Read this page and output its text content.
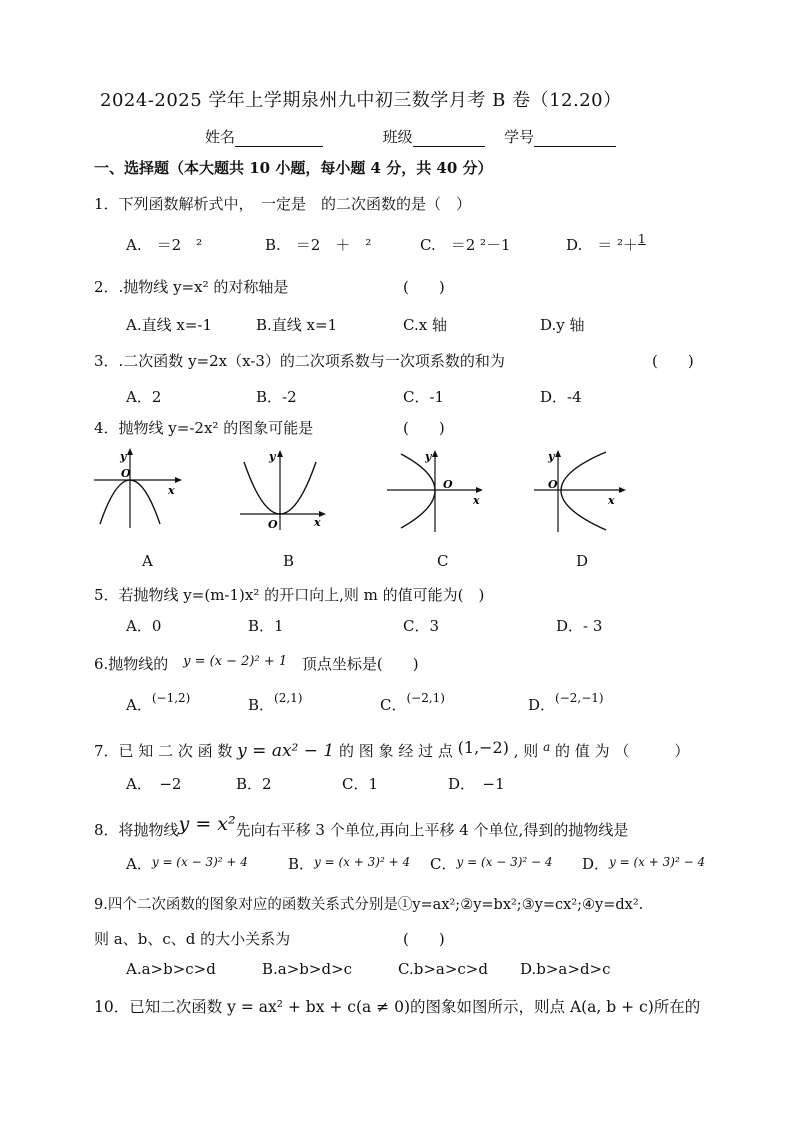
2024-2025 学年上学期泉州九中初三数学月考 B 卷（12.20）
姓名	班级	学号
一、选择题（本大题共 10 小题，每小题 4 分，共 40 分）
1．下列函数解析式中，　一定是　的二次函数的是（　）
A.　＝2　²	B.　＝2　＋　²	C.　＝2 ²－1	D.　＝ ²＋$^1$
2．.抛物线 y=x² 的对称轴是	(　　)
A.直线 x=-1	B.直线 x=1	C.x 轴	D.y 轴
3．.二次函数 y=2x（x-3）的二次项系数与一次项系数的和为	(　　)
A．2	B．-2	C．-1	D．-4
4．抛物线 y=-2x² 的图象可能是	(　　)
y
O
x
A
y
O	x
B
y
O
x
C
y
O
x
D
5．若抛物线 y=(m-1)x² 的开口向上,则 m 的值可能为(　)
A．0	B．1	C．3	D．- 3
6.抛物线的 y = (x − 2)² + 1 顶点坐标是(　　)
A．$^{(-1,2)}$	B．$^{(2,1)}$	C．$^{(-2,1)}$	D．$^{(-2,-1)}$
7．已 知 二 次 函 数 y = ax² − 1 的 图 象 经 过 点 (1,−2) , 则 $^a$ 的 值 为 （　　　）
A．　−2	B．2	C．1	D．　−1
8．将抛物线y = x²先向右平移 3 个单位,再向上平移 4 个单位,得到的抛物线是
A．$^{y = (x - 3)^2 + 4}$	B．$^{y = (x + 3)^2 + 4}$ C．$^{y = (x - 3)^2 - 4}$ D．$^{y = (x + 3)^2 - 4}$
9.四个二次函数的图象对应的函数关系式分别是①y=ax²;②y=bx²;③y=cx²;④y=dx².
则 a、b、c、d 的大小关系为	(　　)
A.a>b>c>d	B.a>b>d>c	C.b>a>c>d D.b>a>d>c
10．已知二次函数 y = ax² + bx + c(a ≠ 0)的图象如图所示，则点 A(a, b + c)所在的
